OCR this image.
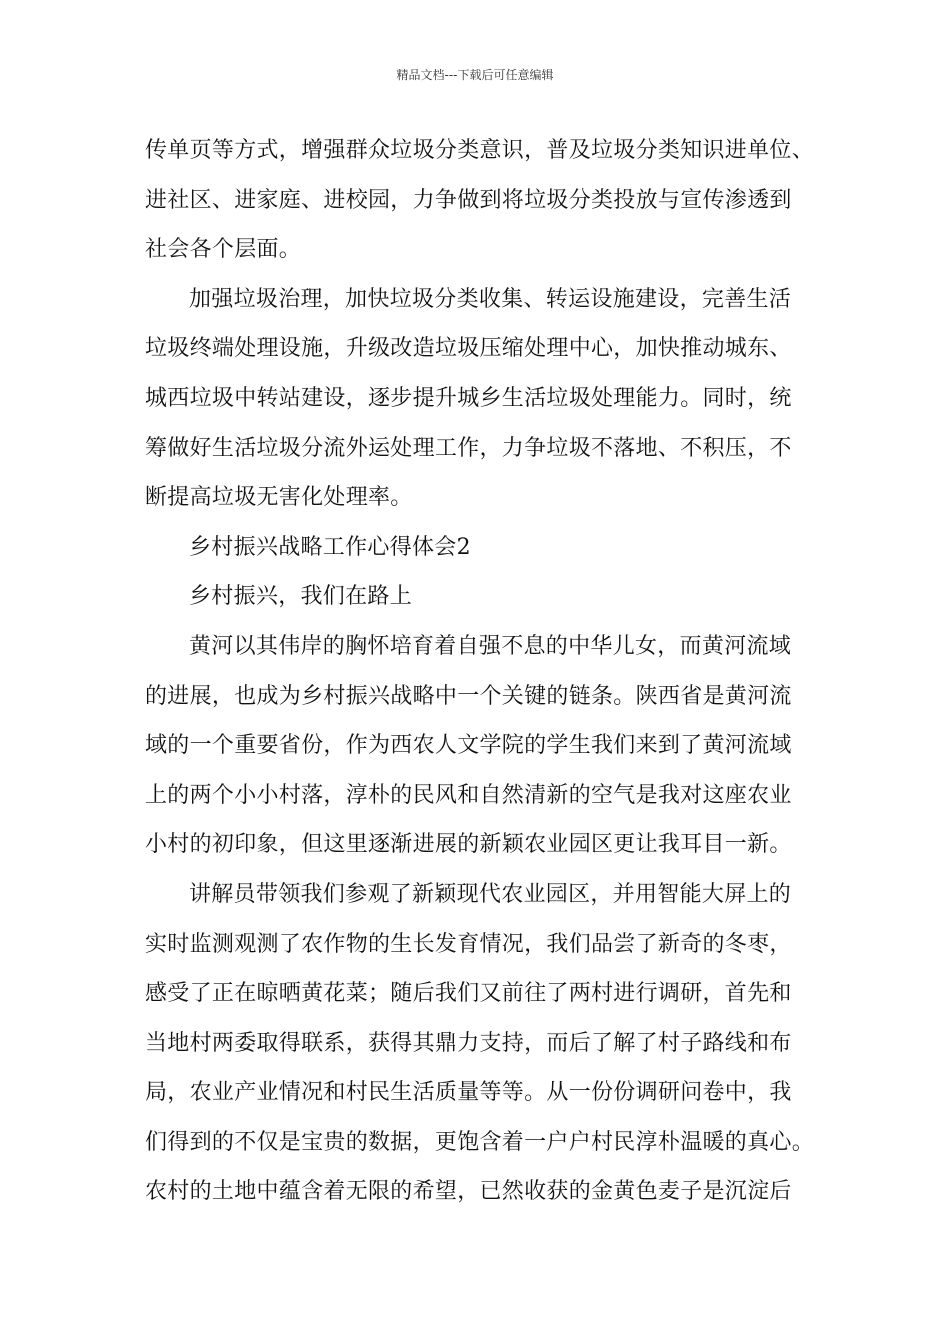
精品文档---下载后可任意编辑
传单页等方式，增强群众垃圾分类意识，普及垃圾分类知识进单位、
进社区、进家庭、进校园，力争做到将垃圾分类投放与宣传渗透到
社会各个层面。
加强垃圾治理，加快垃圾分类收集、转运设施建设，完善生活
垃圾终端处理设施，升级改造垃圾压缩处理中心，加快推动城东、
城西垃圾中转站建设，逐步提升城乡生活垃圾处理能力。同时，统
筹做好生活垃圾分流外运处理工作，力争垃圾不落地、不积压，不
断提高垃圾无害化处理率。
乡村振兴战略工作心得体会2
乡村振兴，我们在路上
黄河以其伟岸的胸怀培育着自强不息的中华儿女，而黄河流域
的进展，也成为乡村振兴战略中一个关键的链条。陕西省是黄河流
域的一个重要省份，作为西农人文学院的学生我们来到了黄河流域
上的两个小小村落，淳朴的民风和自然清新的空气是我对这座农业
小村的初印象，但这里逐渐进展的新颖农业园区更让我耳目一新。
讲解员带领我们参观了新颖现代农业园区，并用智能大屏上的
实时监测观测了农作物的生长发育情况，我们品尝了新奇的冬枣，
感受了正在晾晒黄花菜；随后我们又前往了两村进行调研，首先和
当地村两委取得联系，获得其鼎力支持，而后了解了村子路线和布
局，农业产业情况和村民生活质量等等。从一份份调研问卷中，我
们得到的不仅是宝贵的数据，更饱含着一户户村民淳朴温暖的真心。
农村的土地中蕴含着无限的希望，已然收获的金黄色麦子是沉淀后
